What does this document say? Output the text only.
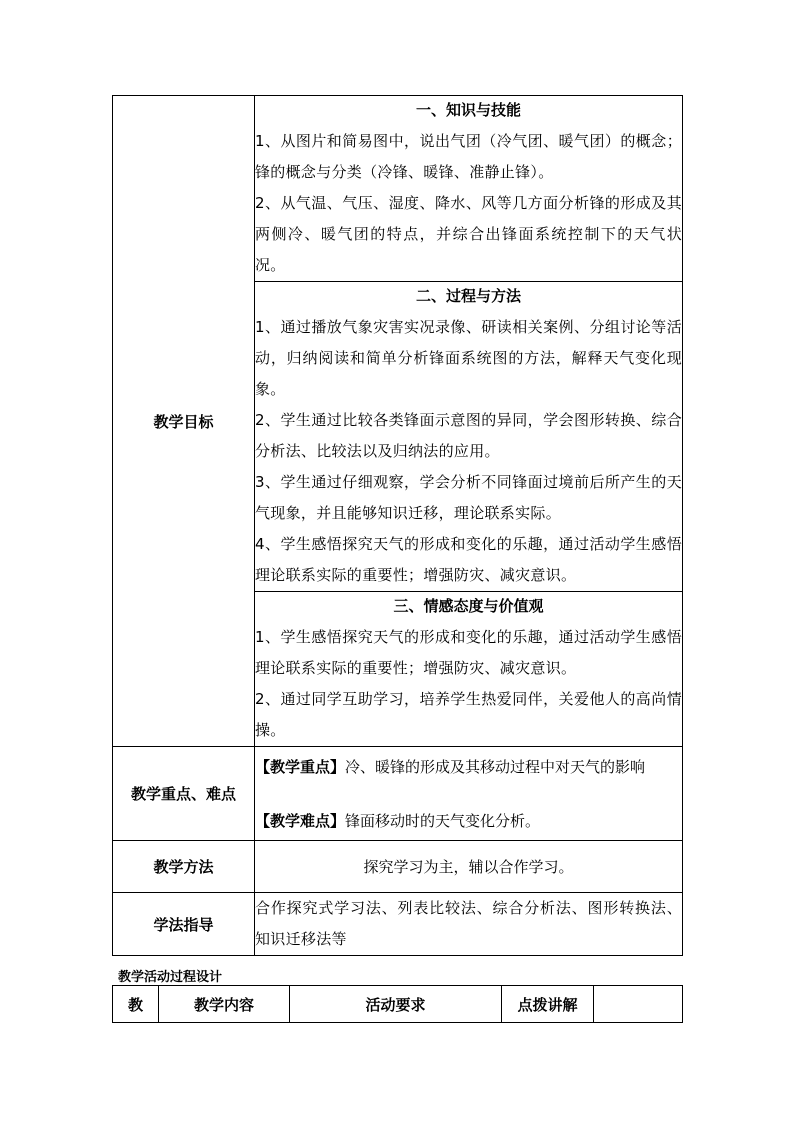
教学目标	一、知识与技能
1、从图片和简易图中，说出气团（冷气团、暖气团）的概念；锋的概念与分类（冷锋、暖锋、准静止锋）。
2、从气温、气压、湿度、降水、风等几方面分析锋的形成及其两侧冷、暖气团的特点，并综合出锋面系统控制下的天气状况。

	二、过程与方法
1、通过播放气象灾害实况录像、研读相关案例、分组讨论等活动，归纳阅读和简单分析锋面系统图的方法，解释天气变化现象。
2、学生通过比较各类锋面示意图的异同，学会图形转换、综合分析法、比较法以及归纳法的应用。
3、学生通过仔细观察，学会分析不同锋面过境前后所产生的天气现象，并且能够知识迁移，理论联系实际。
4、学生感悟探究天气的形成和变化的乐趣，通过活动学生感悟理论联系实际的重要性；增强防灾、减灾意识。

	三、情感态度与价值观
1、学生感悟探究天气的形成和变化的乐趣，通过活动学生感悟理论联系实际的重要性；增强防灾、减灾意识。
2、通过同学互助学习，培养学生热爱同伴，关爱他人的高尚情操。

教学重点、难点	【教学重点】冷、暖锋的形成及其移动过程中对天气的影响
【教学难点】锋面移动时的天气变化分析。

教学方法	探究学习为主，辅以合作学习。

学法指导	合作探究式学习法、列表比较法、综合分析法、图形转换法、知识迁移法等
教学活动过程设计
教	教学内容	活动要求	点拨讲解	
